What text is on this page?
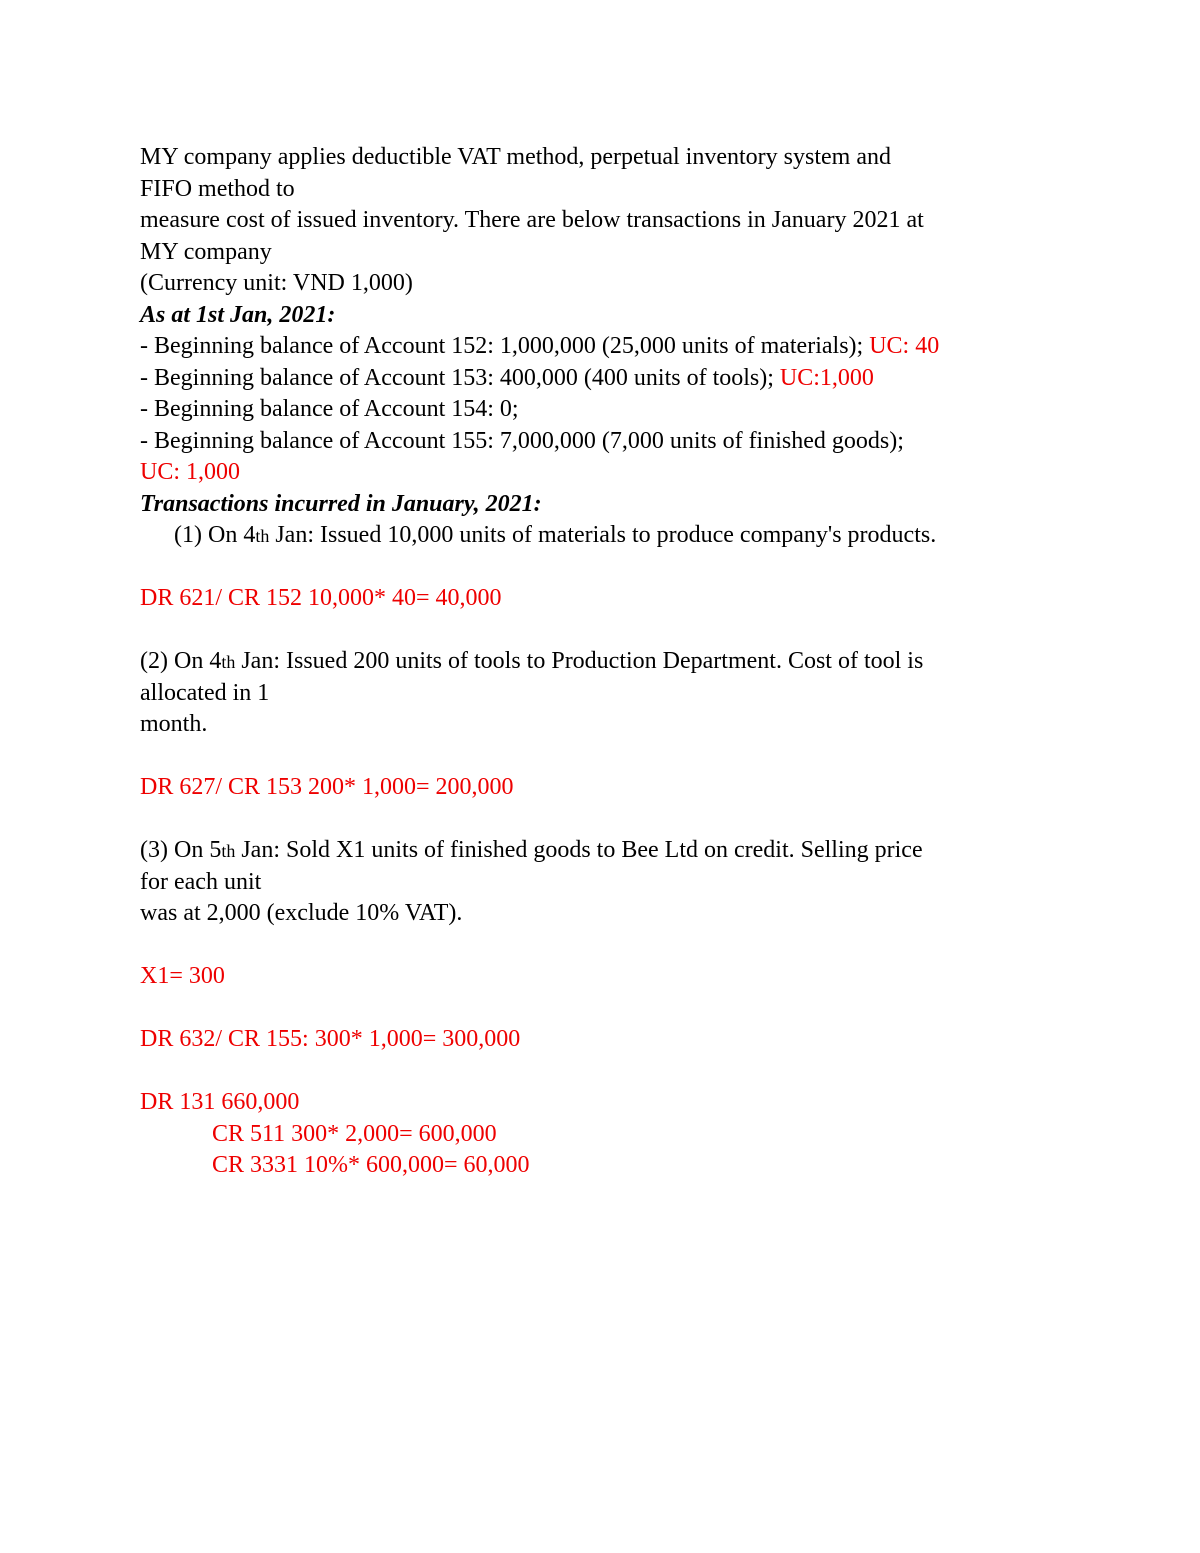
MY company applies deductible VAT method, perpetual inventory system and
FIFO method to
measure cost of issued inventory. There are below transactions in January 2021 at
MY company
(Currency unit: VND 1,000)
As at 1st Jan, 2021:
- Beginning balance of Account 152: 1,000,000 (25,000 units of materials); UC: 40
- Beginning balance of Account 153: 400,000 (400 units of tools); UC:1,000
- Beginning balance of Account 154: 0;
- Beginning balance of Account 155: 7,000,000 (7,000 units of finished goods);
UC: 1,000
Transactions incurred in January, 2021:
(1) On 4th Jan: Issued 10,000 units of materials to produce company's products.
DR 621/ CR 152 10,000* 40= 40,000
(2) On 4th Jan: Issued 200 units of tools to Production Department. Cost of tool is
allocated in 1
month.
DR 627/ CR 153 200* 1,000= 200,000
(3) On 5th Jan: Sold X1 units of finished goods to Bee Ltd on credit. Selling price
for each unit
was at 2,000 (exclude 10% VAT).
X1= 300
DR 632/ CR 155: 300* 1,000= 300,000
DR 131 660,000
CR 511 300* 2,000= 600,000
CR 3331 10%* 600,000= 60,000
